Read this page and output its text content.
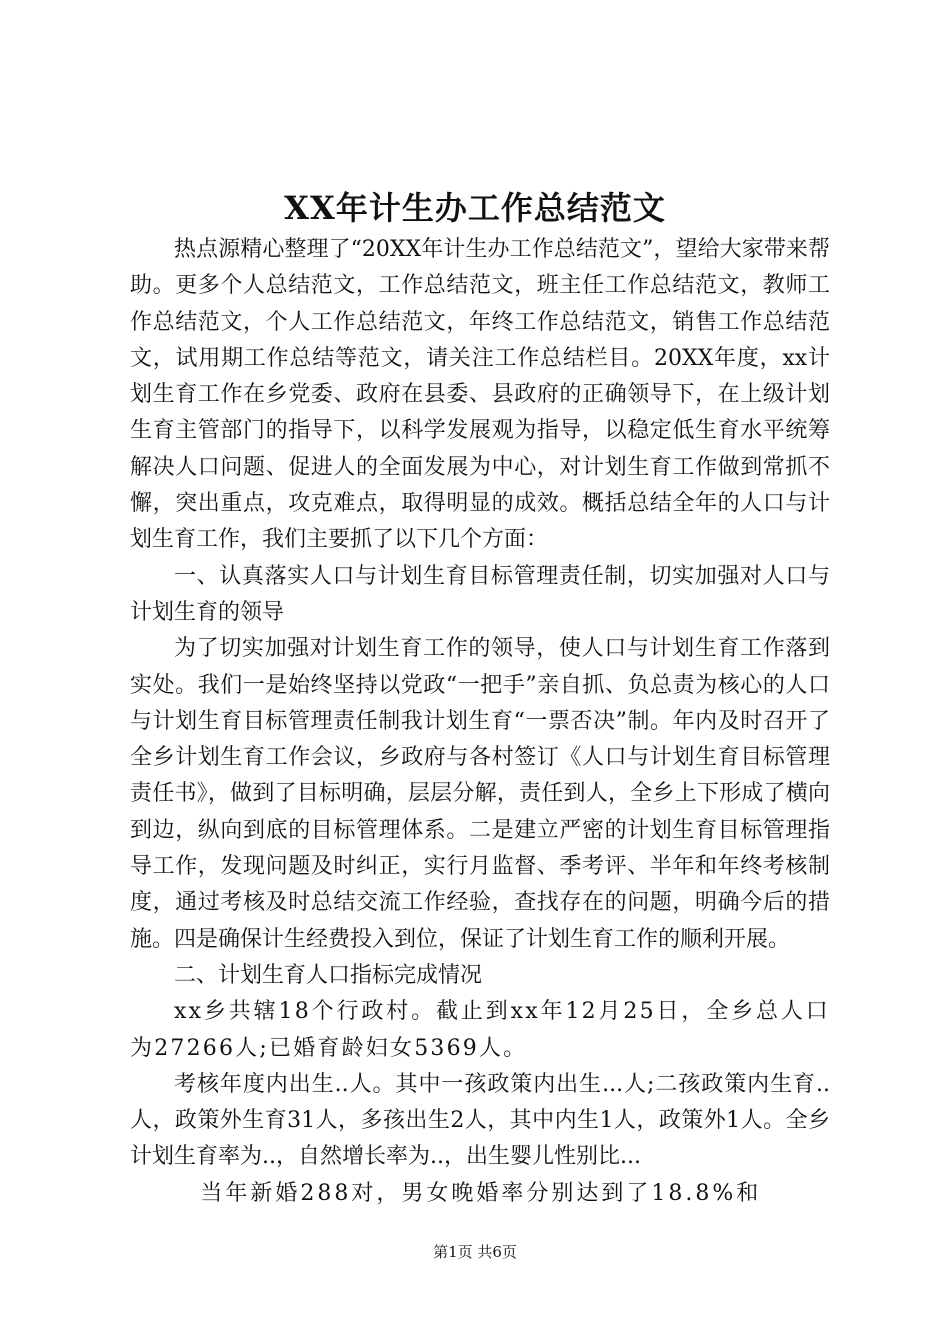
XX年计生办工作总结范文

热点源精心整理了“20XX年计生办工作总结范文”，望给大家带来帮助。更多个人总结范文，工作总结范文，班主任工作总结范文，教师工作总结范文，个人工作总结范文，年终工作总结范文，销售工作总结范文，试用期工作总结等范文，请关注工作总结栏目。20XX年度，xx计划生育工作在乡党委、政府在县委、县政府的正确领导下，在上级计划生育主管部门的指导下，以科学发展观为指导，以稳定低生育水平统筹解决人口问题、促进人的全面发展为中心，对计划生育工作做到常抓不懈，突出重点，攻克难点，取得明显的成效。概括总结全年的人口与计划生育工作，我们主要抓了以下几个方面：

一、认真落实人口与计划生育目标管理责任制，切实加强对人口与计划生育的领导

为了切实加强对计划生育工作的领导，使人口与计划生育工作落到实处。我们一是始终坚持以党政“一把手”亲自抓、负总责为核心的人口与计划生育目标管理责任制我计划生育“一票否决”制。年内及时召开了全乡计划生育工作会议，乡政府与各村签订《人口与计划生育目标管理责任书》，做到了目标明确，层层分解，责任到人，全乡上下形成了横向到边，纵向到底的目标管理体系。二是建立严密的计划生育目标管理指导工作，发现问题及时纠正，实行月监督、季考评、半年和年终考核制度，通过考核及时总结交流工作经验，查找存在的问题，明确今后的措施。四是确保计生经费投入到位，保证了计划生育工作的顺利开展。

二、计划生育人口指标完成情况

xx乡共辖18个行政村。截止到xx年12月25日，全乡总人口为27266人;已婚育龄妇女5369人。

考核年度内出生..人。其中一孩政策内出生...人;二孩政策内生育..人，政策外生育31人，多孩出生2人，其中内生1人，政策外1人。全乡计划生育率为..，自然增长率为..，出生婴儿性别比...

当年新婚288对，男女晚婚率分别达到了18.8%和

第1页 共6页
